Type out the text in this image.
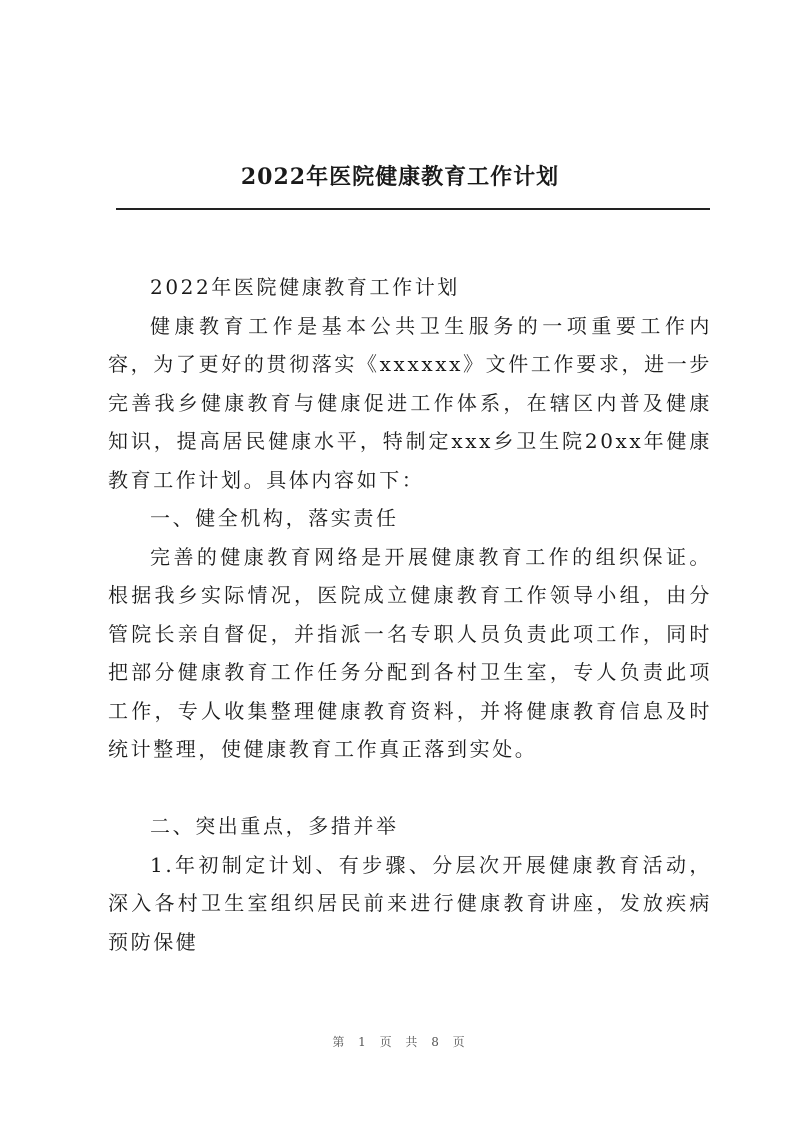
2022年医院健康教育工作计划

2022年医院健康教育工作计划

健康教育工作是基本公共卫生服务的一项重要工作内容，为了更好的贯彻落实《xxxxxx》文件工作要求，进一步完善我乡健康教育与健康促进工作体系，在辖区内普及健康知识，提高居民健康水平，特制定xxx乡卫生院20xx年健康教育工作计划。具体内容如下：

一、健全机构，落实责任

完善的健康教育网络是开展健康教育工作的组织保证。根据我乡实际情况，医院成立健康教育工作领导小组，由分管院长亲自督促，并指派一名专职人员负责此项工作，同时把部分健康教育工作任务分配到各村卫生室，专人负责此项工作，专人收集整理健康教育资料，并将健康教育信息及时统计整理，使健康教育工作真正落到实处。

二、突出重点，多措并举

1.年初制定计划、有步骤、分层次开展健康教育活动，深入各村卫生室组织居民前来进行健康教育讲座，发放疾病预防保健

第 1 页 共 8 页
